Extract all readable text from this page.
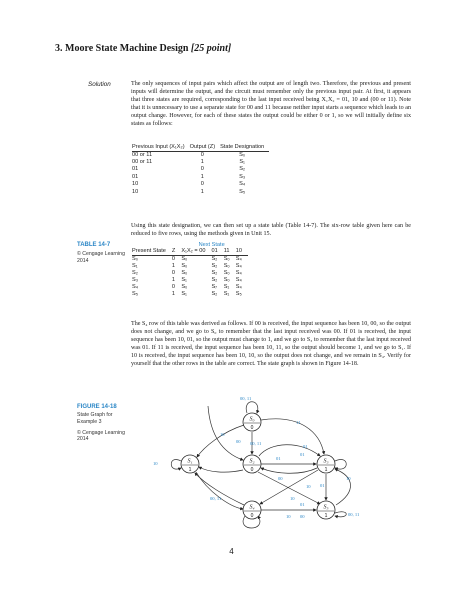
3. Moore State Machine Design [25 point]
Solution	The only sequences of input pairs which affect the output are of length two. Therefore, the previous and present inputs will determine the output, and the circuit must remember only the previous input pair. At first, it appears that three states are required, corresponding to the last input received being X₁X₂ = 01, 10 and (00 or 11). Note that it is unnecessary to use a separate state for 00 and 11 because neither input starts a sequence which leads to an output change. However, for each of these states the output could be either 0 or 1, so we will initially define six states as follows:
Previous Input (X₁X₂)	Output (Z)	State Designation
00 or 11	0	S₀
00 or 11	1	S₁
01	0	S₂
01	1	S₃
10	0	S₄
10	1	S₅
Using this state designation, we can then set up a state table (Table 14-7). The six-row table given here can be reduced to five rows, using the methods given in Unit 15.
TABLE 14-7
© Cengage Learning 2014
		Next State			
Present State	Z	X₁X₂ = 00	01	11	10
S₀	0	S₀	S₂	S₀	S₄
S₁	1	S₀	S₂	S₀	S₄
S₂	0	S₀	S₂	S₀	S₄
S₃	1	S₁	S₂	S₀	S₄
S₄	0	S₀	S₇	S₁	S₄
S₅	1	S₁	S₂	S₁	S₅
The S₄ row of this table was derived as follows. If 00 is received, the input sequence has been 10, 00, so the output does not change, and we go to S₀ to remember that the last input received was 00. If 01 is received, the input sequence has been 10, 01, so the output must change to 1, and we go to S₃ to remember that the last input received was 01. If 11 is received, the input sequence has been 10, 11, so the output should become 1, and we go to S₁. If 10 is received, the input sequence has been 10, 10, so the output does not change, and we remain in S₄. Verify for yourself that the other rows in the table are correct. The state graph is shown in Figure 14-18.
FIGURE 14-18
State Graph for Example 3
© Cengage Learning 2014
00, 11
11
10
00 00, 11
01
01
01
00
10
00, 11
01
10
01
00
10
10	00, 11
10
S₀
0
S₁
1
S₂
0
S₃
1
S₄
0
S₅
1
4
